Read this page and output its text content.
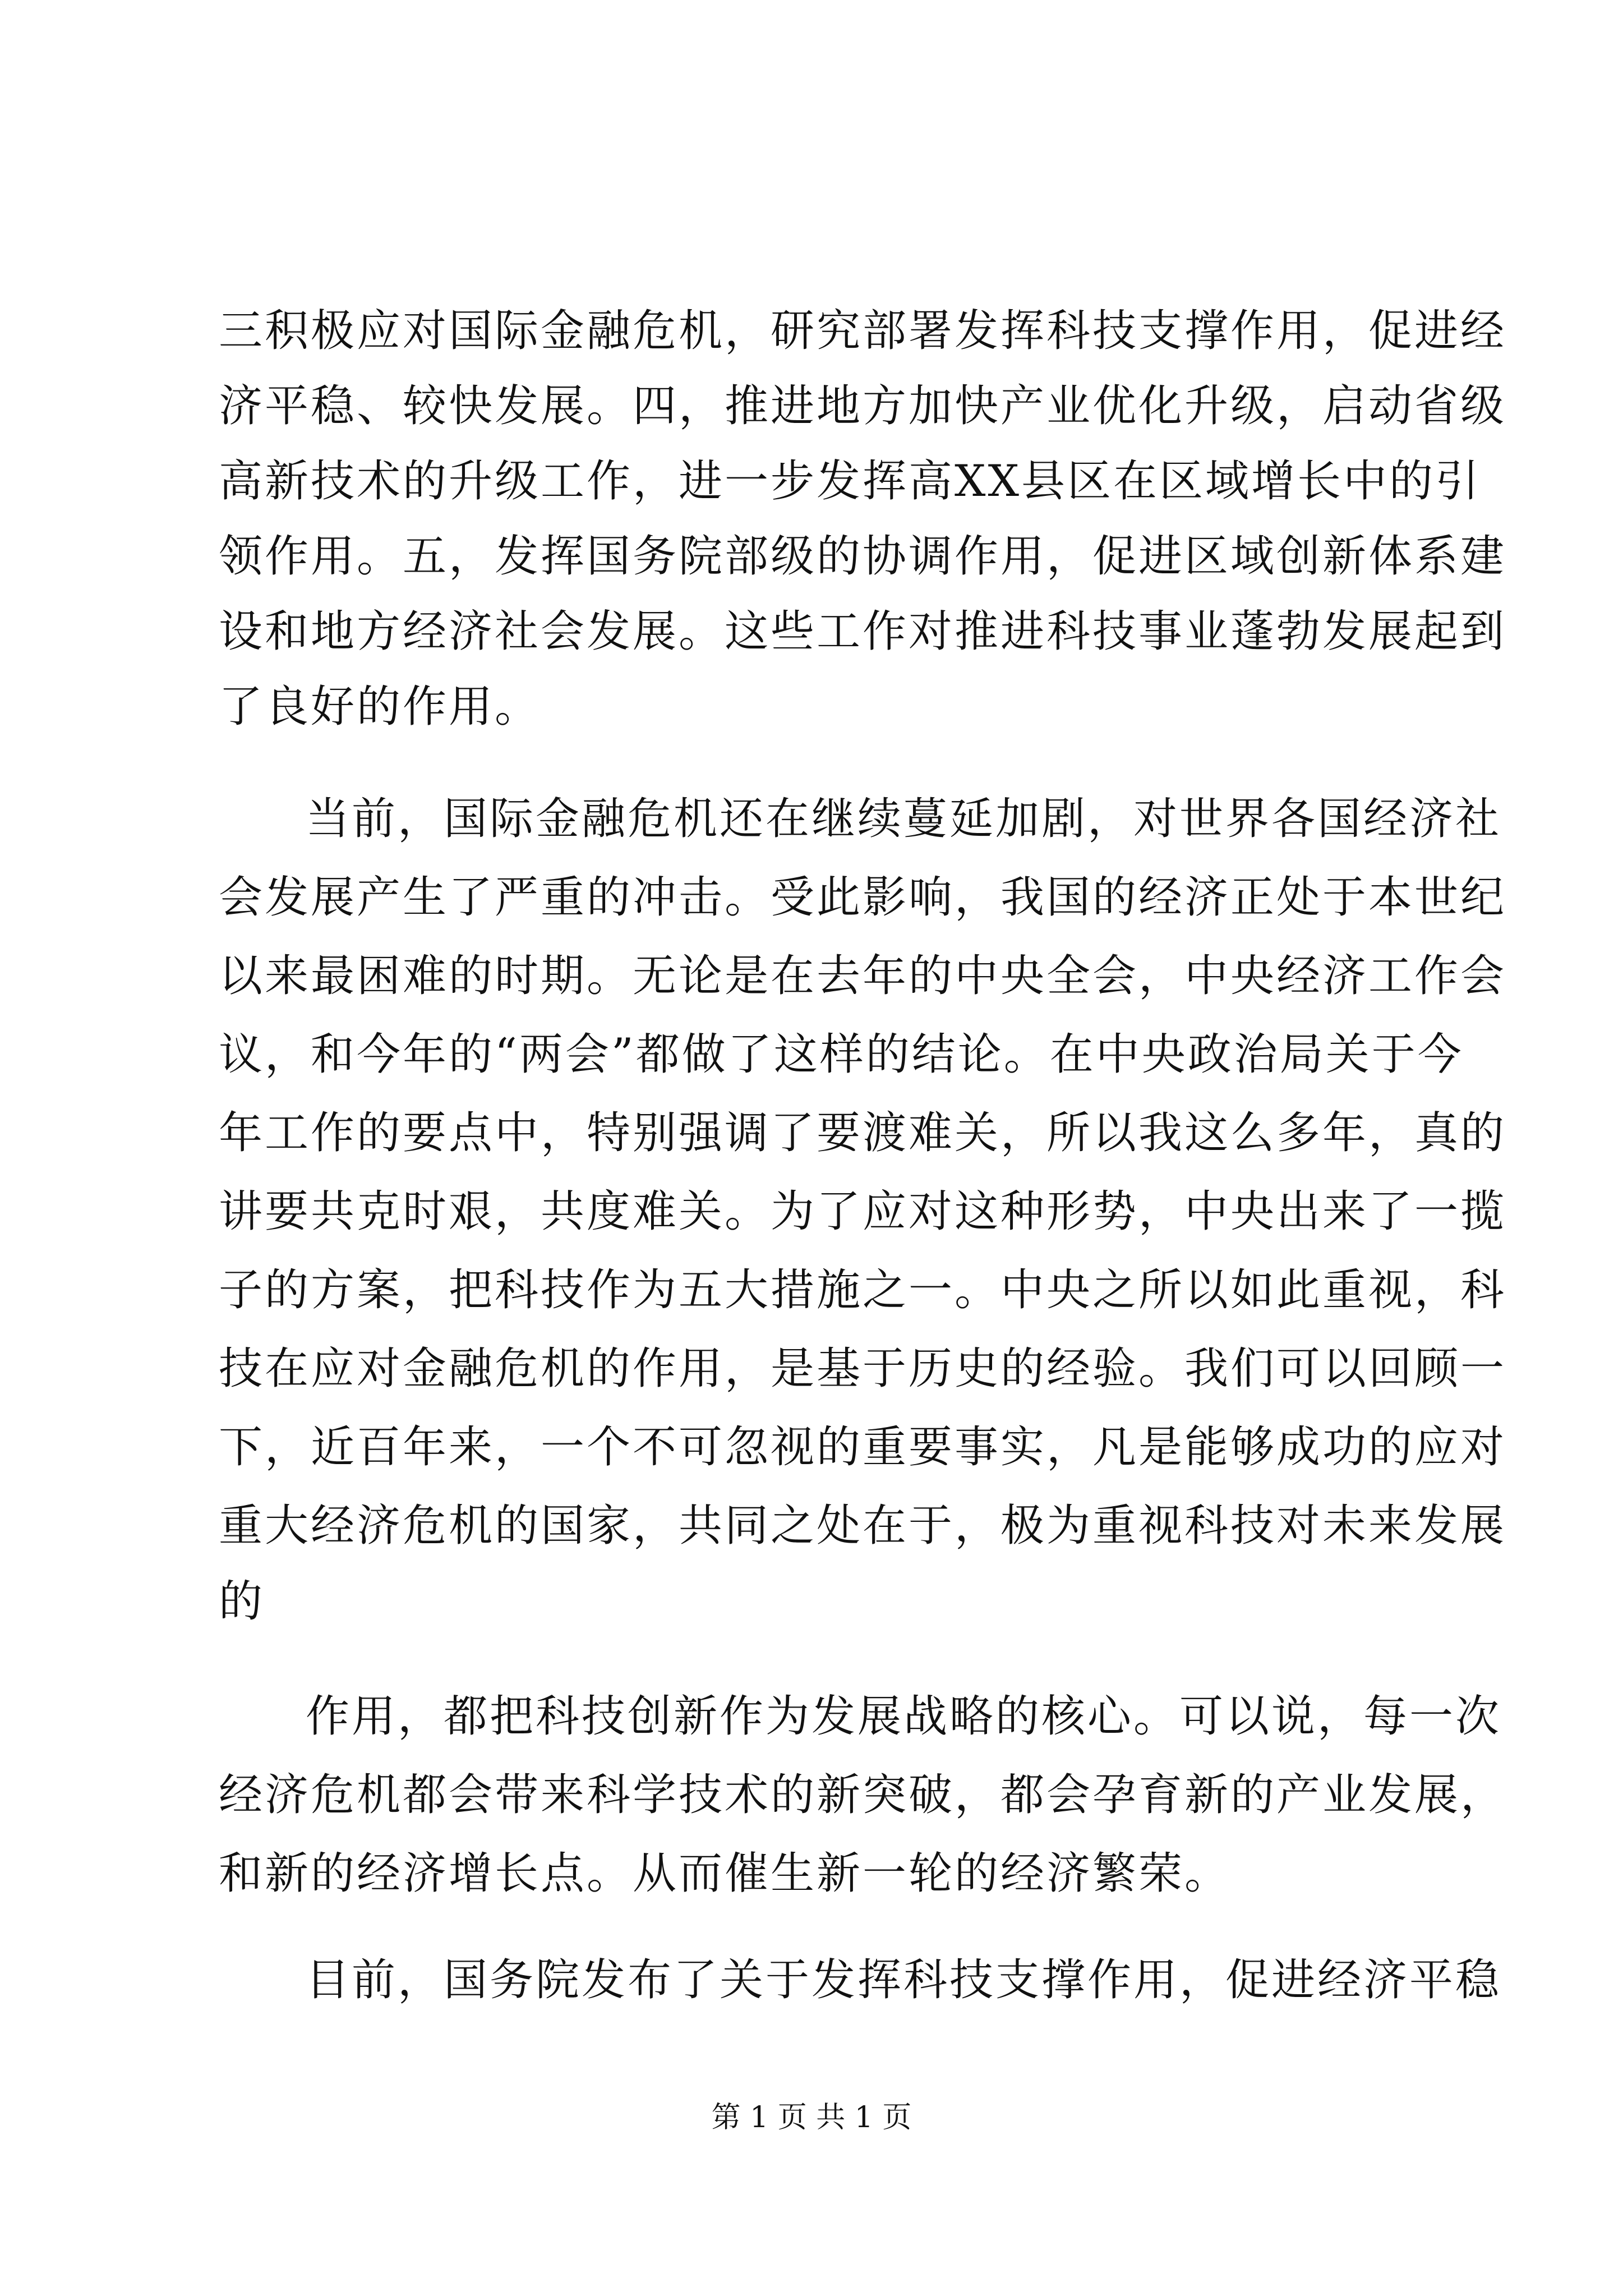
三积极应对国际金融危机，研究部署发挥科技支撑作用，促进经
济平稳、较快发展。四，推进地方加快产业优化升级，启动省级
高新技术的升级工作，进一步发挥高XX县区在区域增长中的引
领作用。五，发挥国务院部级的协调作用，促进区域创新体系建
设和地方经济社会发展。这些工作对推进科技事业蓬勃发展起到
了良好的作用。
当前，国际金融危机还在继续蔓延加剧，对世界各国经济社
会发展产生了严重的冲击。受此影响，我国的经济正处于本世纪
以来最困难的时期。无论是在去年的中央全会，中央经济工作会
议，和今年的“两会”都做了这样的结论。在中央政治局关于今
年工作的要点中，特别强调了要渡难关，所以我这么多年，真的
讲要共克时艰，共度难关。为了应对这种形势，中央出来了一揽
子的方案，把科技作为五大措施之一。中央之所以如此重视，科
技在应对金融危机的作用，是基于历史的经验。我们可以回顾一
下，近百年来，一个不可忽视的重要事实，凡是能够成功的应对
重大经济危机的国家，共同之处在于，极为重视科技对未来发展
的
作用，都把科技创新作为发展战略的核心。可以说，每一次
经济危机都会带来科学技术的新突破，都会孕育新的产业发展，
和新的经济增长点。从而催生新一轮的经济繁荣。
目前，国务院发布了关于发挥科技支撑作用，促进经济平稳
第 1 页 共 1 页
